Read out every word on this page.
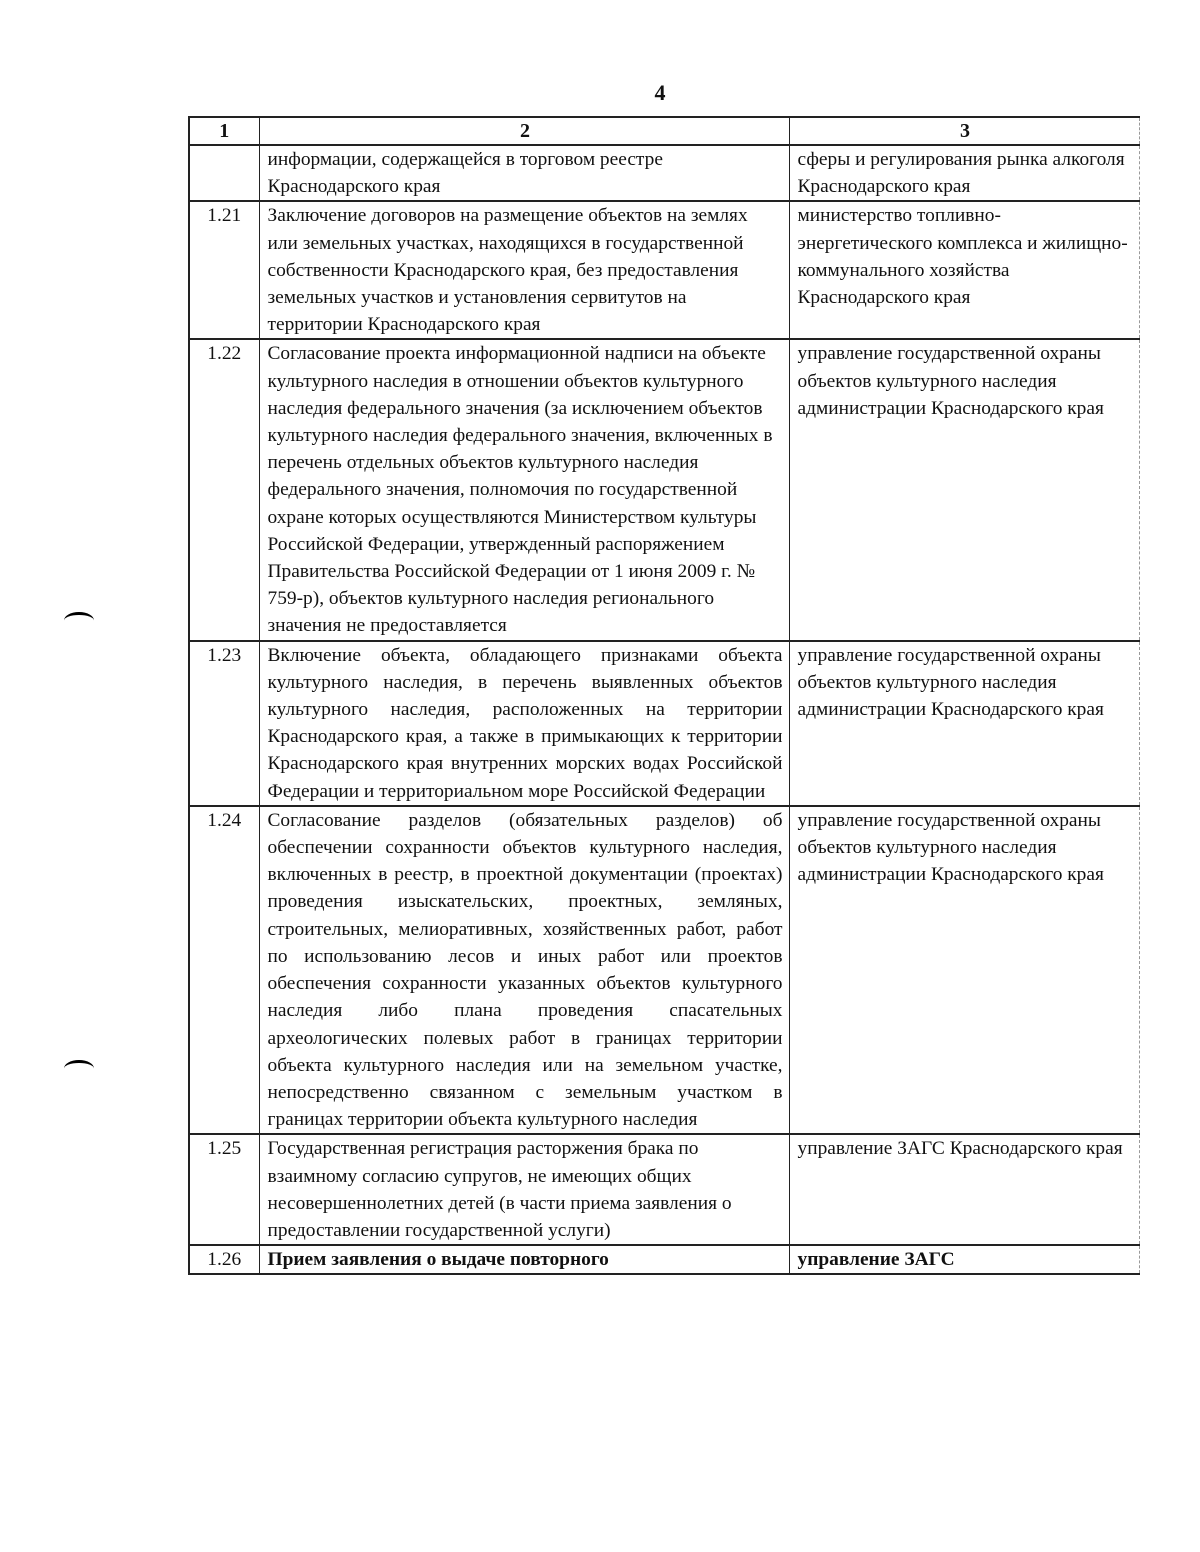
4
1	2	3
	информации, содержащейся в торговом реестре Краснодарского края	сферы и регулирования рынка алкоголя Краснодарского края
1.21	Заключение договоров на размещение объектов на землях или земельных участках, находящихся в государственной собственности Краснодарского края, без предоставления земельных участков и установления сервитутов на территории Краснодарского края	министерство топливно-энергетического комплекса и жилищно-коммунального хозяйства Краснодарского края
1.22	Согласование проекта информационной надписи на объекте культурного наследия в отношении объектов культурного наследия федерального значения (за исключением объектов культурного наследия федерального значения, включенных в перечень отдельных объектов культурного наследия федерального значения, полномочия по государственной охране которых осуществляются Министерством культуры Российской Федерации, утвержденный распоряжением Правительства Российской Федерации от 1 июня 2009 г. № 759-р), объектов культурного наследия регионального значения не предоставляется	управление государственной охраны объектов культурного наследия администрации Краснодарского края
1.23	Включение объекта, обладающего признаками объекта культурного наследия, в перечень выявленных объектов культурного наследия, расположенных на территории Краснодарского края, а также в примыкающих к территории Краснодарского края внутренних морских водах Российской Федерации и территориальном море Российской Федерации	управление государственной охраны объектов культурного наследия администрации Краснодарского края
1.24	Согласование разделов (обязательных разделов) об обеспечении сохранности объектов культурного наследия, включенных в реестр, в проектной документации (проектах) проведения изыскательских, проектных, земляных, строительных, мелиоративных, хозяйственных работ, работ по использованию лесов и иных работ или проектов обеспечения сохранности указанных объектов культурного наследия либо плана проведения спасательных археологических полевых работ в границах территории объекта культурного наследия или на земельном участке, непосредственно связанном с земельным участком в границах территории объекта культурного наследия	управление государственной охраны объектов культурного наследия администрации Краснодарского края
1.25	Государственная регистрация расторжения брака по взаимному согласию супругов, не имеющих общих несовершеннолетних детей (в части приема заявления о предоставлении государственной услуги)	управление ЗАГС Краснодарского края
1.26	Прием заявления о выдаче повторного	управление ЗАГС
